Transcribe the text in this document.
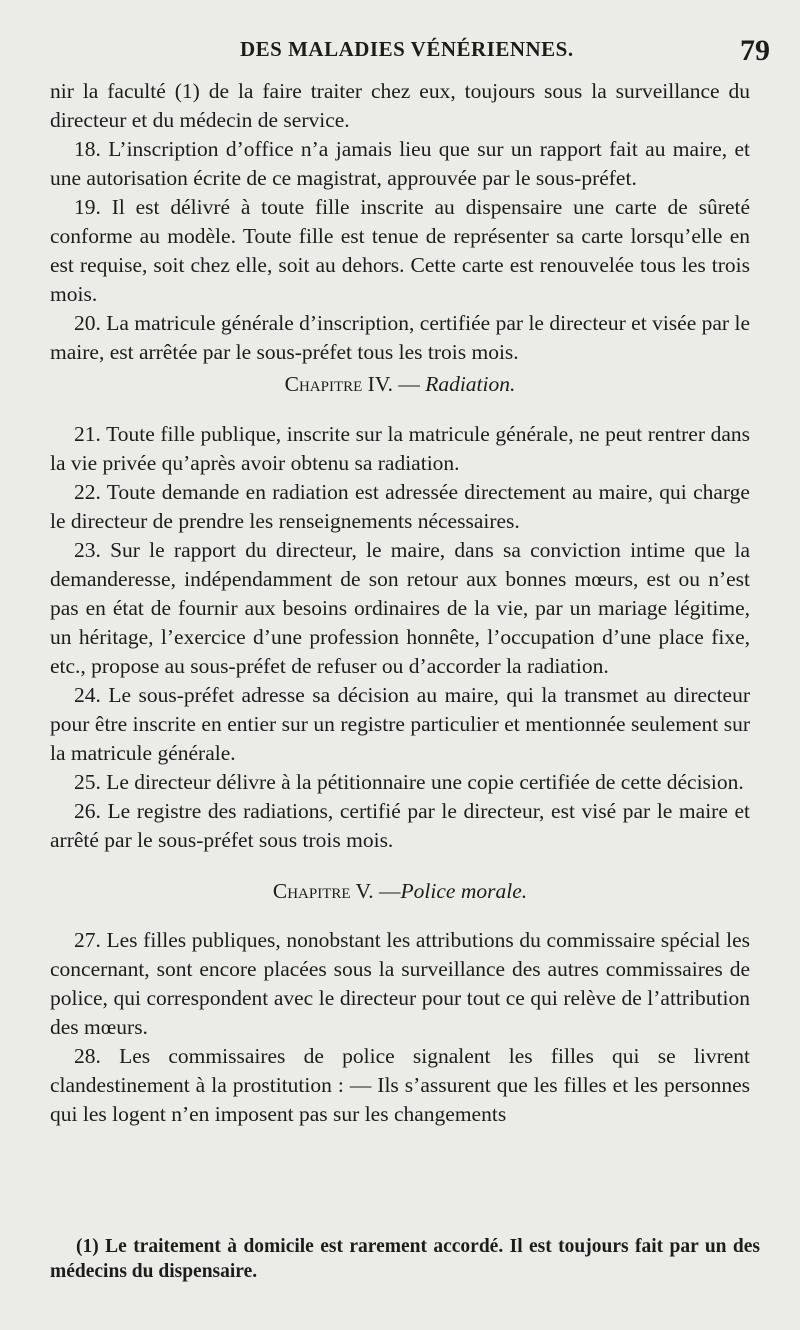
DES MALADIES VÉNÉRIENNES.	79

nir la faculté (1) de la faire traiter chez eux, toujours sous la surveillance du directeur et du médecin de service.

18. L’inscription d’office n’a jamais lieu que sur un rapport fait au maire, et une autorisation écrite de ce magistrat, approuvée par le sous-préfet.

19. Il est délivré à toute fille inscrite au dispensaire une carte de sûreté conforme au modèle. Toute fille est tenue de représenter sa carte lorsqu’elle en est requise, soit chez elle, soit au dehors. Cette carte est renouvelée tous les trois mois.

20. La matricule générale d’inscription, certifiée par le directeur et visée par le maire, est arrêtée par le sous-préfet tous les trois mois.

Chapitre IV. — Radiation.

21. Toute fille publique, inscrite sur la matricule générale, ne peut rentrer dans la vie privée qu’après avoir obtenu sa radiation.

22. Toute demande en radiation est adressée directement au maire, qui charge le directeur de prendre les renseignements nécessaires.

23. Sur le rapport du directeur, le maire, dans sa conviction intime que la demanderesse, indépendamment de son retour aux bonnes mœurs, est ou n’est pas en état de fournir aux besoins ordinaires de la vie, par un mariage légitime, un héritage, l’exercice d’une profession honnête, l’occupation d’une place fixe, etc., propose au sous-préfet de refuser ou d’accorder la radiation.

24. Le sous-préfet adresse sa décision au maire, qui la transmet au directeur pour être inscrite en entier sur un registre particulier et mentionnée seulement sur la matricule générale.

25. Le directeur délivre à la pétitionnaire une copie certifiée de cette décision.

26. Le registre des radiations, certifié par le directeur, est visé par le maire et arrêté par le sous-préfet sous trois mois.

Chapitre V. —Police morale.

27. Les filles publiques, nonobstant les attributions du commissaire spécial les concernant, sont encore placées sous la surveillance des autres commissaires de police, qui correspondent avec le directeur pour tout ce qui relève de l’attribution des mœurs.

28. Les commissaires de police signalent les filles qui se livrent clandestinement à la prostitution : — Ils s’assurent que les filles et les personnes qui les logent n’en imposent pas sur les changements

(1) Le traitement à domicile est rarement accordé. Il est toujours fait par un des médecins du dispensaire.
